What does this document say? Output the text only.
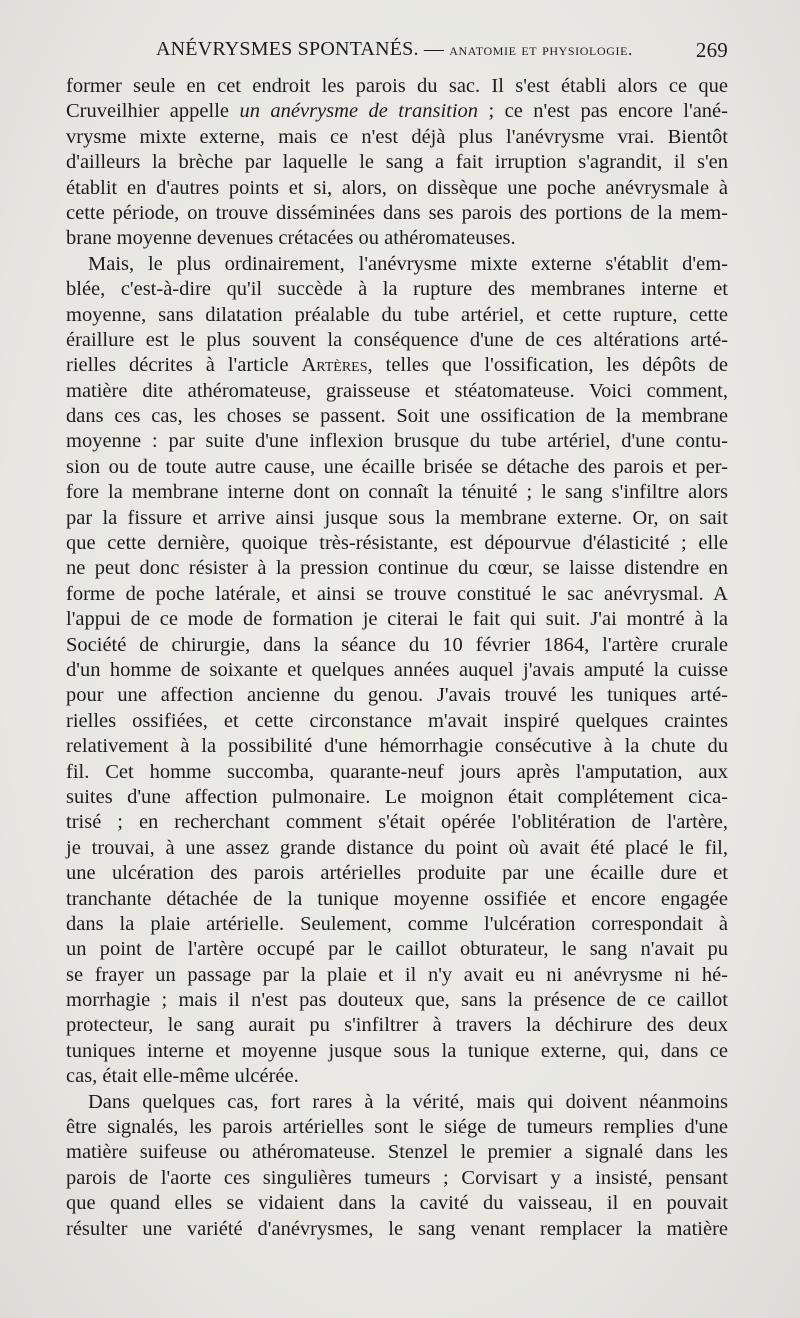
ANÉVRYSMES SPONTANÉS. — anatomie et physiologie.	269
former seule en cet endroit les parois du sac. Il s'est établi alors ce que
Cruveilhier appelle un anévrysme de transition ; ce n'est pas encore l'ané-
vrysme mixte externe, mais ce n'est déjà plus l'anévrysme vrai. Bientôt
d'ailleurs la brèche par laquelle le sang a fait irruption s'agrandit, il s'en
établit en d'autres points et si, alors, on dissèque une poche anévrysmale à
cette période, on trouve disséminées dans ses parois des portions de la mem-
brane moyenne devenues crétacées ou athéromateuses.
Mais, le plus ordinairement, l'anévrysme mixte externe s'établit d'em-
blée, c'est-à-dire qu'il succède à la rupture des membranes interne et
moyenne, sans dilatation préalable du tube artériel, et cette rupture, cette
éraillure est le plus souvent la conséquence d'une de ces altérations arté-
rielles décrites à l'article Artères, telles que l'ossification, les dépôts de
matière dite athéromateuse, graisseuse et stéatomateuse. Voici comment,
dans ces cas, les choses se passent. Soit une ossification de la membrane
moyenne : par suite d'une inflexion brusque du tube artériel, d'une contu-
sion ou de toute autre cause, une écaille brisée se détache des parois et per-
fore la membrane interne dont on connaît la ténuité ; le sang s'infiltre alors
par la fissure et arrive ainsi jusque sous la membrane externe. Or, on sait
que cette dernière, quoique très-résistante, est dépourvue d'élasticité ; elle
ne peut donc résister à la pression continue du cœur, se laisse distendre en
forme de poche latérale, et ainsi se trouve constitué le sac anévrysmal. A
l'appui de ce mode de formation je citerai le fait qui suit. J'ai montré à la
Société de chirurgie, dans la séance du 10 février 1864, l'artère crurale
d'un homme de soixante et quelques années auquel j'avais amputé la cuisse
pour une affection ancienne du genou. J'avais trouvé les tuniques arté-
rielles ossifiées, et cette circonstance m'avait inspiré quelques craintes
relativement à la possibilité d'une hémorrhagie consécutive à la chute du
fil. Cet homme succomba, quarante-neuf jours après l'amputation, aux
suites d'une affection pulmonaire. Le moignon était complétement cica-
trisé ; en recherchant comment s'était opérée l'oblitération de l'artère,
je trouvai, à une assez grande distance du point où avait été placé le fil,
une ulcération des parois artérielles produite par une écaille dure et
tranchante détachée de la tunique moyenne ossifiée et encore engagée
dans la plaie artérielle. Seulement, comme l'ulcération correspondait à
un point de l'artère occupé par le caillot obturateur, le sang n'avait pu
se frayer un passage par la plaie et il n'y avait eu ni anévrysme ni hé-
morrhagie ; mais il n'est pas douteux que, sans la présence de ce caillot
protecteur, le sang aurait pu s'infiltrer à travers la déchirure des deux
tuniques interne et moyenne jusque sous la tunique externe, qui, dans ce
cas, était elle-même ulcérée.
Dans quelques cas, fort rares à la vérité, mais qui doivent néanmoins
être signalés, les parois artérielles sont le siége de tumeurs remplies d'une
matière suifeuse ou athéromateuse. Stenzel le premier a signalé dans les
parois de l'aorte ces singulières tumeurs ; Corvisart y a insisté, pensant
que quand elles se vidaient dans la cavité du vaisseau, il en pouvait
résulter une variété d'anévrysmes, le sang venant remplacer la matière
